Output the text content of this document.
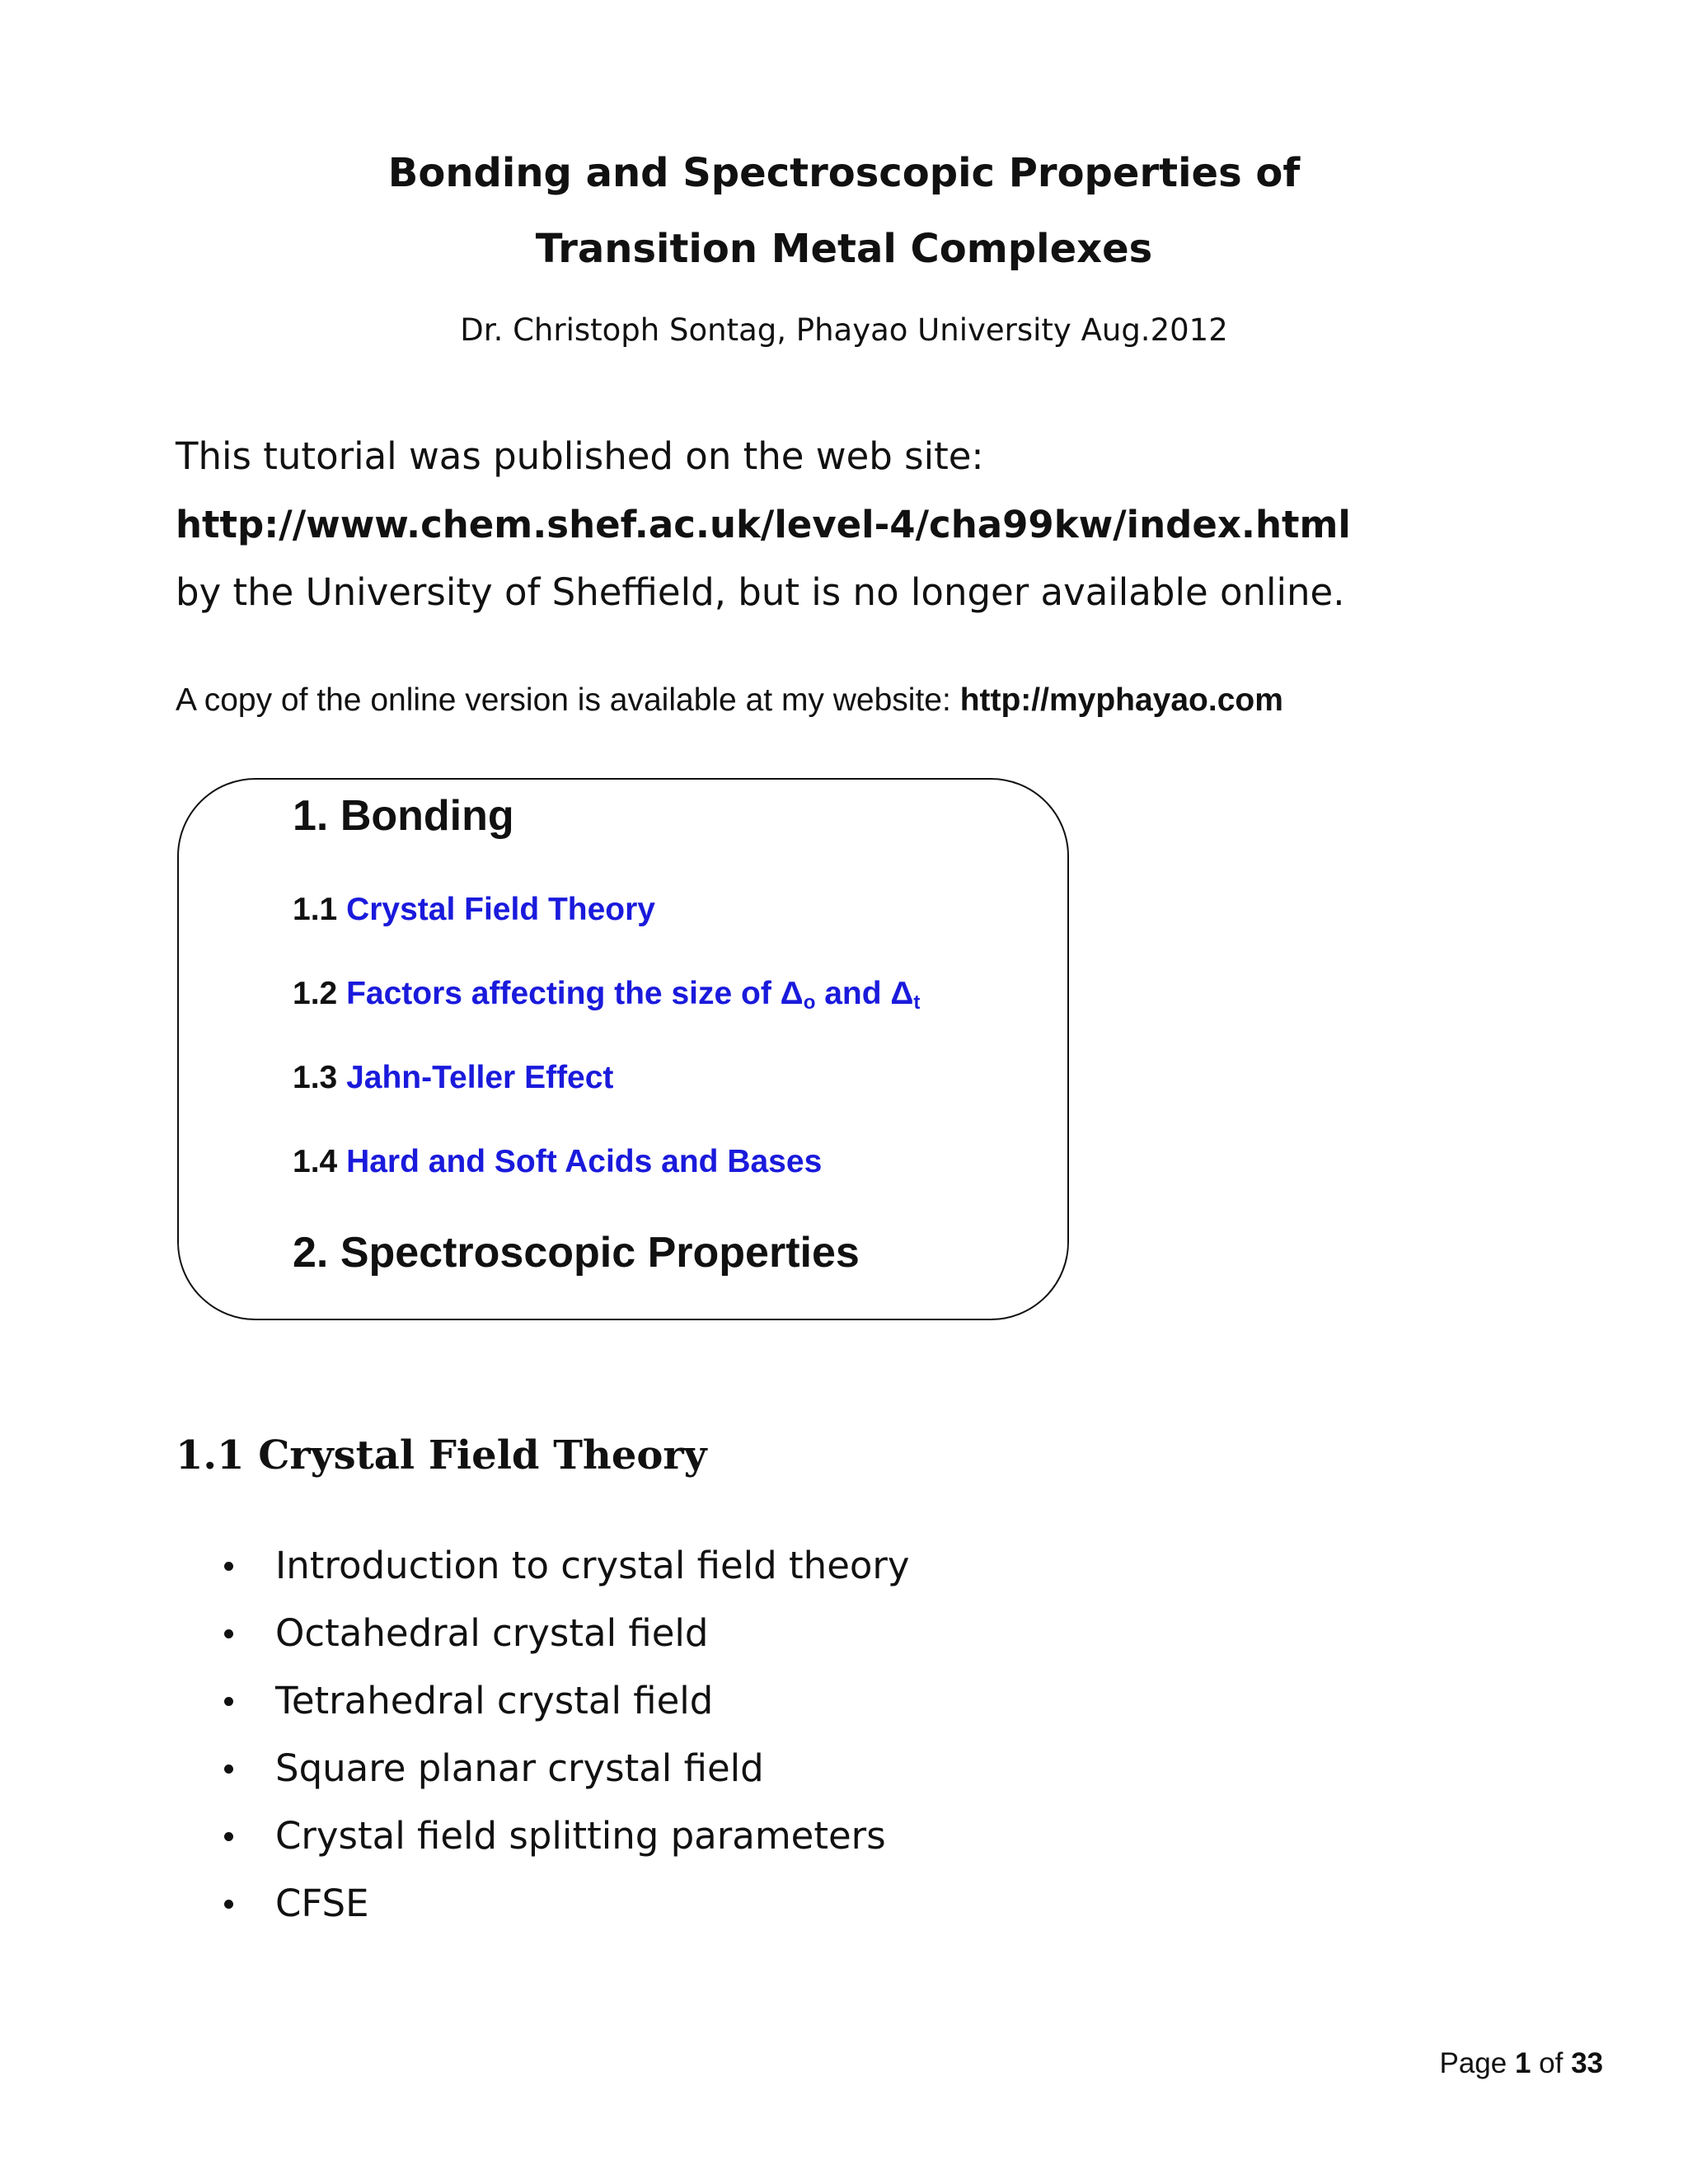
Bonding and Spectroscopic Properties of
Transition Metal Complexes
Dr. Christoph Sontag, Phayao University Aug.2012
This tutorial was published on the web site:
http://www.chem.shef.ac.uk/level-4/cha99kw/index.html
by the University of Sheffield, but is no longer available online.
A copy of the online version is available at my website: http://myphayao.com
1. Bonding
1.1 Crystal Field Theory
1.2 Factors affecting the size of $\Delta_o$ and $\Delta_t$
1.3 Jahn-Teller Effect
1.4 Hard and Soft Acids and Bases
2. Spectroscopic Properties
1.1 Crystal Field Theory
Introduction to crystal field theory
Octahedral crystal field
Tetrahedral crystal field
Square planar crystal field
Crystal field splitting parameters
CFSE
Page 1 of 33
